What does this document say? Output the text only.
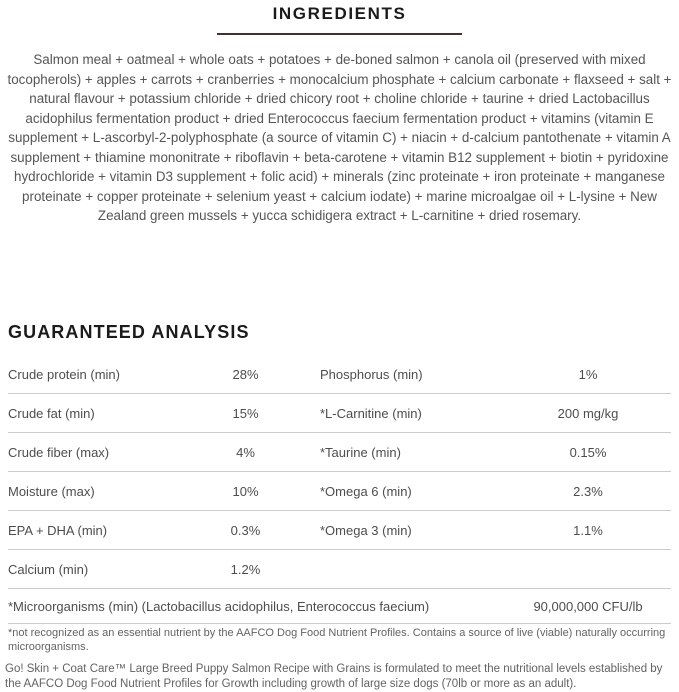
INGREDIENTS

Salmon meal + oatmeal + whole oats + potatoes + de-boned salmon + canola oil (preserved with mixed tocopherols) + apples + carrots + cranberries + monocalcium phosphate + calcium carbonate + flaxseed + salt + natural flavour + potassium chloride + dried chicory root + choline chloride + taurine + dried Lactobacillus acidophilus fermentation product + dried Enterococcus faecium fermentation product + vitamins (vitamin E supplement + L-ascorbyl-2-polyphosphate (a source of vitamin C) + niacin + d-calcium pantothenate + vitamin A supplement + thiamine mononitrate + riboflavin + beta-carotene + vitamin B12 supplement + biotin + pyridoxine hydrochloride + vitamin D3 supplement + folic acid) + minerals (zinc proteinate + iron proteinate + manganese proteinate + copper proteinate + selenium yeast + calcium iodate) + marine microalgae oil + L-lysine + New Zealand green mussels + yucca schidigera extract + L-carnitine + dried rosemary.

GUARANTEED ANALYSIS
Crude protein (min)	28%	Phosphorus (min)	1%
Crude fat (min)	15%	*L-Carnitine (min)	200 mg/kg
Crude fiber (max)	4%	*Taurine (min)	0.15%
Moisture (max)	10%	*Omega 6 (min)	2.3%
EPA + DHA (min)	0.3%	*Omega 3 (min)	1.1%
Calcium (min)	1.2%
*Microorganisms (min) (Lactobacillus acidophilus, Enterococcus faecium)	90,000,000 CFU/lb

*not recognized as an essential nutrient by the AAFCO Dog Food Nutrient Profiles. Contains a source of live (viable) naturally occurring microorganisms.

Go! Skin + Coat Care™ Large Breed Puppy Salmon Recipe with Grains is formulated to meet the nutritional levels established by the AAFCO Dog Food Nutrient Profiles for Growth including growth of large size dogs (70lb or more as an adult).
